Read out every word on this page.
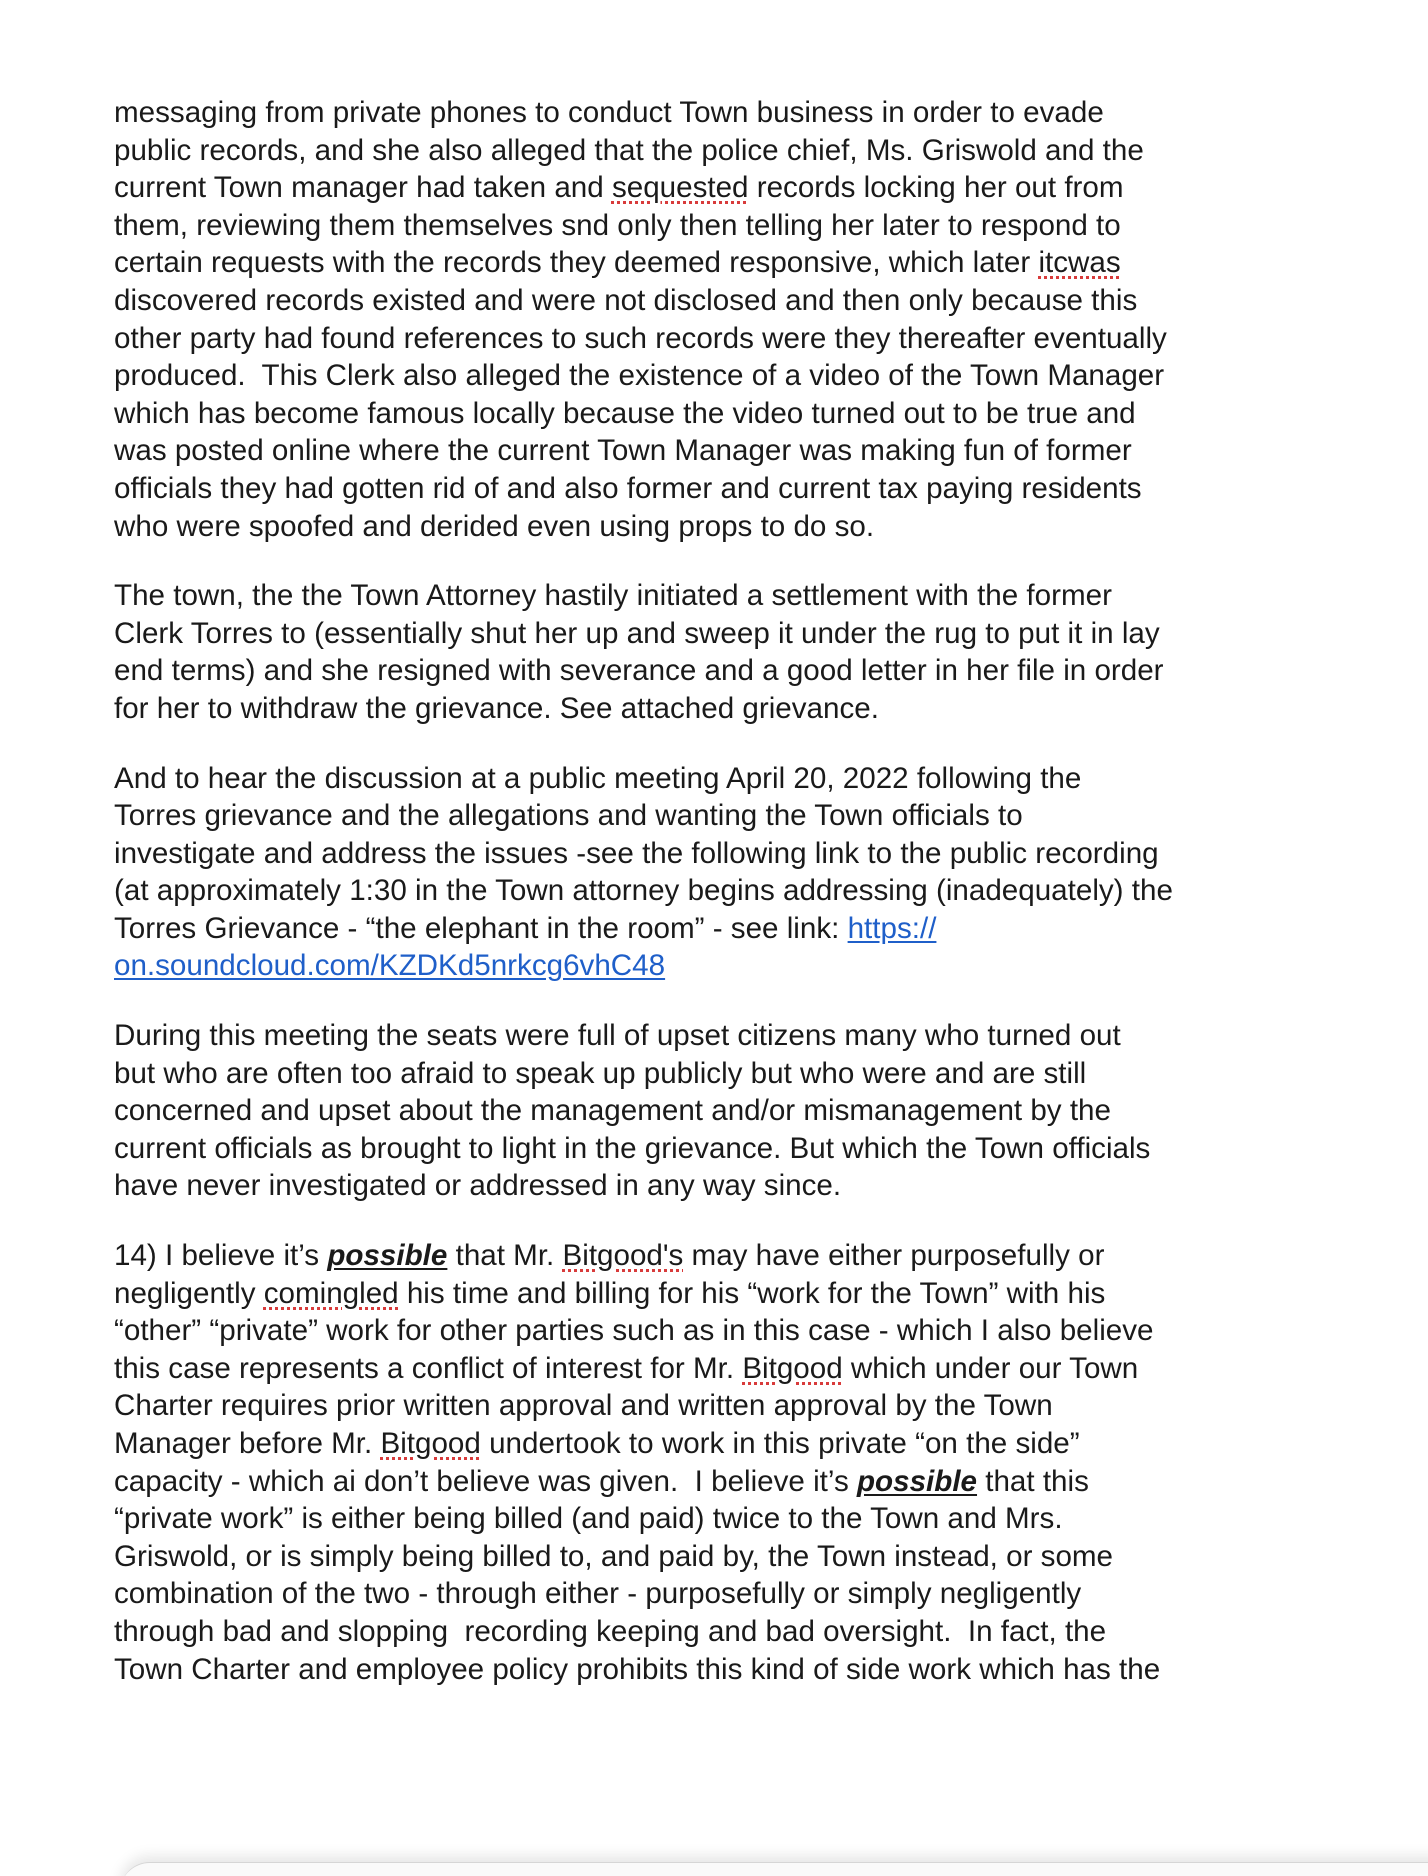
messaging from private phones to conduct Town business in order to evade
public records, and she also alleged that the police chief, Ms. Griswold and the
current Town manager had taken and sequested records locking her out from
them, reviewing them themselves snd only then telling her later to respond to
certain requests with the records they deemed responsive, which later itcwas
discovered records existed and were not disclosed and then only because this
other party had found references to such records were they thereafter eventually
produced.  This Clerk also alleged the existence of a video of the Town Manager
which has become famous locally because the video turned out to be true and
was posted online where the current Town Manager was making fun of former
officials they had gotten rid of and also former and current tax paying residents
who were spoofed and derided even using props to do so.

The town, the the Town Attorney hastily initiated a settlement with the former
Clerk Torres to (essentially shut her up and sweep it under the rug to put it in lay
end terms) and she resigned with severance and a good letter in her file in order
for her to withdraw the grievance. See attached grievance.

And to hear the discussion at a public meeting April 20, 2022 following the
Torres grievance and the allegations and wanting the Town officials to
investigate and address the issues -see the following link to the public recording
(at approximately 1:30 in the Town attorney begins addressing (inadequately) the
Torres Grievance - “the elephant in the room” - see link: https://
on.soundcloud.com/KZDKd5nrkcg6vhC48

During this meeting the seats were full of upset citizens many who turned out
but who are often too afraid to speak up publicly but who were and are still
concerned and upset about the management and/or mismanagement by the
current officials as brought to light in the grievance. But which the Town officials
have never investigated or addressed in any way since.

14) I believe it’s possible that Mr. Bitgood's may have either purposefully or
negligently comingled his time and billing for his “work for the Town” with his
“other” “private” work for other parties such as in this case - which I also believe
this case represents a conflict of interest for Mr. Bitgood which under our Town
Charter requires prior written approval and written approval by the Town
Manager before Mr. Bitgood undertook to work in this private “on the side”
capacity - which ai don’t believe was given.  I believe it’s possible that this
“private work” is either being billed (and paid) twice to the Town and Mrs.
Griswold, or is simply being billed to, and paid by, the Town instead, or some
combination of the two - through either - purposefully or simply negligently
through bad and slopping  recording keeping and bad oversight.  In fact, the
Town Charter and employee policy prohibits this kind of side work which has the
